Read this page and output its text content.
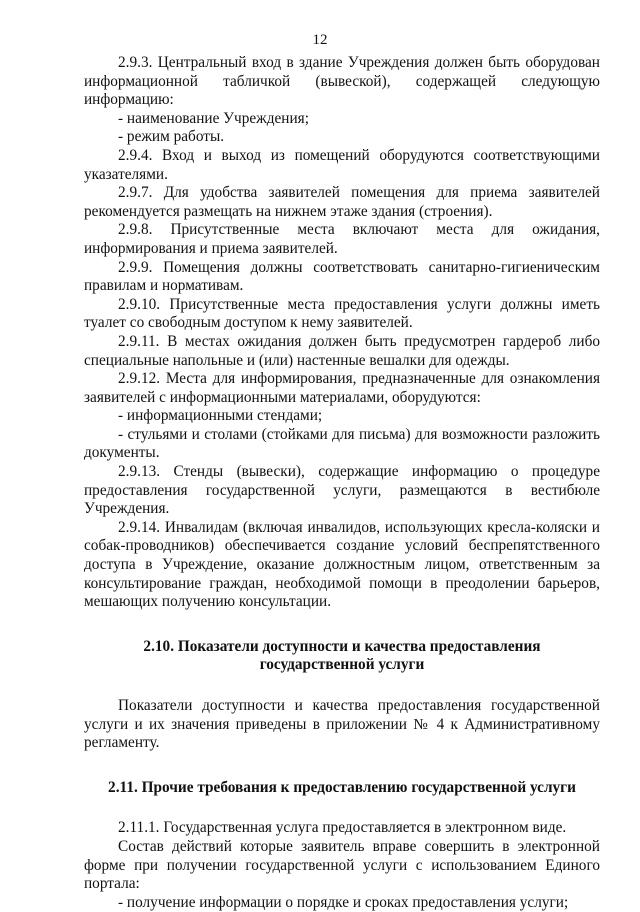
12

2.9.3. Центральный вход в здание Учреждения должен быть оборудован информационной табличкой (вывеской), содержащей следующую информацию:

- наименование Учреждения;

- режим работы.

2.9.4. Вход и выход из помещений оборудуются соответствующими указателями.

2.9.7. Для удобства заявителей помещения для приема заявителей рекомендуется размещать на нижнем этаже здания (строения).

2.9.8. Присутственные места включают места для ожидания, информирования и приема заявителей.

2.9.9. Помещения должны соответствовать санитарно-гигиеническим правилам и нормативам.

2.9.10. Присутственные места предоставления услуги должны иметь туалет со свободным доступом к нему заявителей.

2.9.11. В местах ожидания должен быть предусмотрен гардероб либо специальные напольные и (или) настенные вешалки для одежды.

2.9.12. Места для информирования, предназначенные для ознакомления заявителей с информационными материалами, оборудуются:

- информационными стендами;

- стульями и столами (стойками для письма) для возможности разложить документы.

2.9.13. Стенды (вывески), содержащие информацию о процедуре предоставления государственной услуги, размещаются в вестибюле Учреждения.

2.9.14. Инвалидам (включая инвалидов, использующих кресла-коляски и собак-проводников) обеспечивается создание условий беспрепятственного доступа в Учреждение, оказание должностным лицом, ответственным за консультирование граждан, необходимой помощи в преодолении барьеров, мешающих получению консультации.

2.10. Показатели доступности и качества предоставления
государственной услуги

Показатели доступности и качества предоставления государственной услуги и их значения приведены в приложении № 4 к Административному регламенту.

2.11. Прочие требования к предоставлению государственной услуги

2.11.1. Государственная услуга предоставляется в электронном виде.

Состав действий которые заявитель вправе совершить в электронной форме при получении государственной услуги с использованием Единого портала:

- получение информации о порядке и сроках предоставления услуги;
